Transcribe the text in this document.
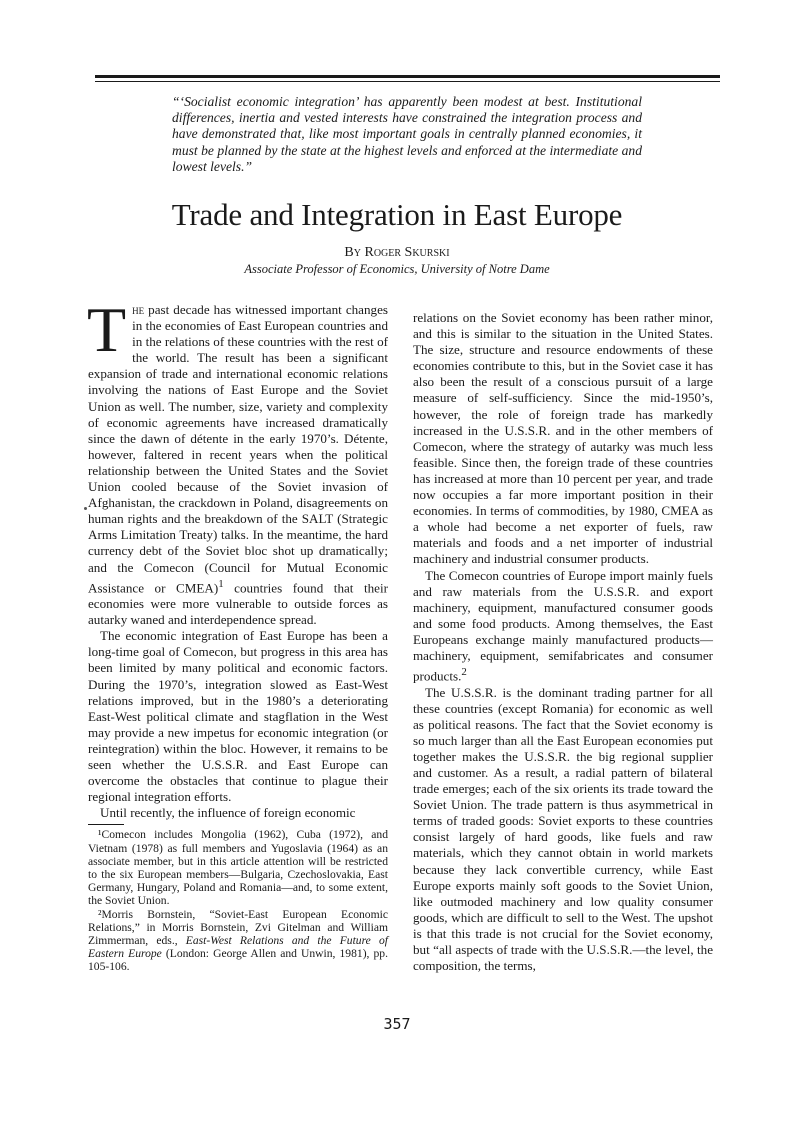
“‘Socialist economic integration’ has apparently been modest at best. Institutional differences, inertia and vested interests have constrained the integration process and have demonstrated that, like most important goals in centrally planned economies, it must be planned by the state at the highest levels and enforced at the intermediate and lowest levels.”
Trade and Integration in East Europe
By Roger Skurski
Associate Professor of Economics, University of Notre Dame

The past decade has witnessed important changes in the economies of East European countries and in the relations of these countries with the rest of the world. The result has been a significant expansion of trade and international economic relations involving the nations of East Europe and the Soviet Union as well. The number, size, variety and complexity of economic agreements have increased dramatically since the dawn of détente in the early 1970’s. Détente, however, faltered in recent years when the political relationship between the United States and the Soviet Union cooled because of the Soviet invasion of Afghanistan, the crackdown in Poland, disagreements on human rights and the breakdown of the SALT (Strategic Arms Limitation Treaty) talks. In the meantime, the hard currency debt of the Soviet bloc shot up dramatically; and the Comecon (Council for Mutual Economic Assistance or CMEA)$^1$ countries found that their economies were more vulnerable to outside forces as autarky waned and interdependence spread.

The economic integration of East Europe has been a long-time goal of Comecon, but progress in this area has been limited by many political and economic factors. During the 1970’s, integration slowed as East-West relations improved, but in the 1980’s a deteriorating East-West political climate and stagflation in the West may provide a new impetus for economic integration (or reintegration) within the bloc. However, it remains to be seen whether the U.S.S.R. and East Europe can overcome the obstacles that continue to plague their regional integration efforts.

Until recently, the influence of foreign economic

¹Comecon includes Mongolia (1962), Cuba (1972), and Vietnam (1978) as full members and Yugoslavia (1964) as an associate member, but in this article attention will be restricted to the six European members—Bulgaria, Czechoslovakia, East Germany, Hungary, Poland and Romania—and, to some extent, the Soviet Union.

²Morris Bornstein, “Soviet-East European Economic Relations,” in Morris Bornstein, Zvi Gitelman and William Zimmerman, eds., East-West Relations and the Future of Eastern Europe (London: George Allen and Unwin, 1981), pp. 105-106.

relations on the Soviet economy has been rather minor, and this is similar to the situation in the United States. The size, structure and resource endowments of these economies contribute to this, but in the Soviet case it has also been the result of a conscious pursuit of a large measure of self-sufficiency. Since the mid-1950’s, however, the role of foreign trade has markedly increased in the U.S.S.R. and in the other members of Comecon, where the strategy of autarky was much less feasible. Since then, the foreign trade of these countries has increased at more than 10 percent per year, and trade now occupies a far more important position in their economies. In terms of commodities, by 1980, CMEA as a whole had become a net exporter of fuels, raw materials and foods and a net importer of industrial machinery and industrial consumer products.

The Comecon countries of Europe import mainly fuels and raw materials from the U.S.S.R. and export machinery, equipment, manufactured consumer goods and some food products. Among themselves, the East Europeans exchange mainly manufactured products—machinery, equipment, semifabricates and consumer products.$^2$

The U.S.S.R. is the dominant trading partner for all these countries (except Romania) for economic as well as political reasons. The fact that the Soviet economy is so much larger than all the East European economies put together makes the U.S.S.R. the big regional supplier and customer. As a result, a radial pattern of bilateral trade emerges; each of the six orients its trade toward the Soviet Union. The trade pattern is thus asymmetrical in terms of traded goods: Soviet exports to these countries consist largely of hard goods, like fuels and raw materials, which they cannot obtain in world markets because they lack convertible currency, while East Europe exports mainly soft goods to the Soviet Union, like outmoded machinery and low quality consumer goods, which are difficult to sell to the West. The upshot is that this trade is not crucial for the Soviet economy, but “all aspects of trade with the U.S.S.R.—the level, the composition, the terms,

357
